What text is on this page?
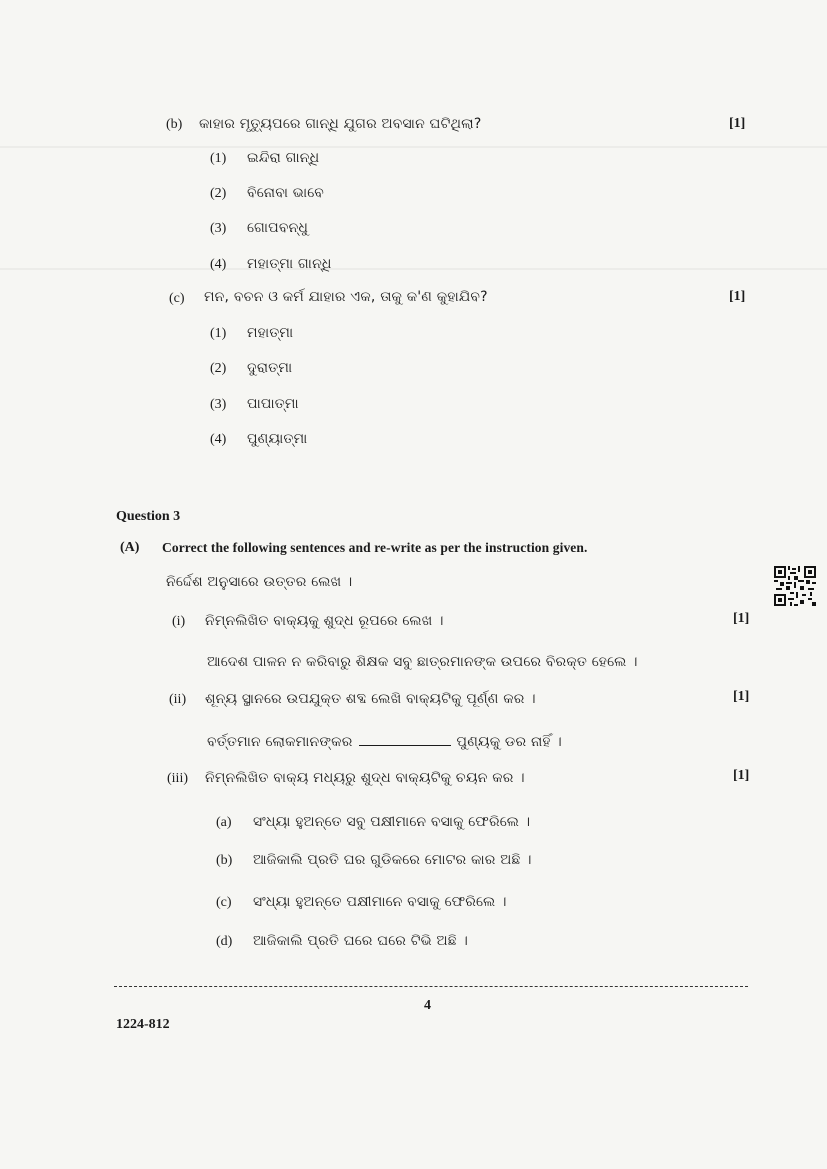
(b) କାହାର ମୃତ୍ୟୁପରେ ଗାନ୍ଧି ଯୁଗର ଅବସାନ ଘଟିଥିଲା?	[1]
(1) ଇନ୍ଦିରା ଗାନ୍ଧି
(2) ବିନୋବା ଭାବେ
(3) ଗୋପବନ୍ଧୁ
(4) ମହାତ୍ମା ଗାନ୍ଧି
(c) ମନ, ବଚନ ଓ କର୍ମ ଯାହାର ଏକ, ତାକୁ କ'ଣ କୁହାଯିବ?	[1]
(1) ମହାତ୍ମା
(2) ଦୁରାତ୍ମା
(3) ପାପାତ୍ମା
(4) ପୁଣ୍ୟାତ୍ମା
Question 3
(A) Correct the following sentences and re-write as per the instruction given.
ନିର୍ଦ୍ଦେଶ ଅନୁସାରେ ଉତ୍ତର ଲେଖ ।
(i) ନିମ୍ନଲିଖିତ ବାକ୍ୟକୁ ଶୁଦ୍ଧ ରୂପରେ ଲେଖ ।	[1]
ଆଦେଶ ପାଳନ ନ କରିବାରୁ ଶିକ୍ଷକ ସବୁ ଛାତ୍ରମାନଙ୍କ ଉପରେ ବିରକ୍ତ ହେଲେ ।
(ii) ଶୂନ୍ୟ ସ୍ଥାନରେ ଉପଯୁକ୍ତ ଶବ୍ଦ ଲେଖି ବାକ୍ୟଟିକୁ ପୂର୍ଣ୍ଣ କର ।	[1]
ବର୍ତ୍ତମାନ ଲୋକମାନଙ୍କର	ପୁଣ୍ୟକୁ ଡର ନାହିଁ ।
(iii) ନିମ୍ନଲିଖିତ ବାକ୍ୟ ମଧ୍ୟରୁ ଶୁଦ୍ଧ ବାକ୍ୟଟିକୁ ଚୟନ କର ।	[1]
(a) ସଂଧ୍ୟା ହୁଅନ୍ତେ ସବୁ ପକ୍ଷୀମାନେ ବସାକୁ ଫେରିଲେ ।
(b) ଆଜିକାଲି ପ୍ରତି ଘର ଗୁଡିକରେ ମୋଟର କାର ଅଛି ।
(c) ସଂଧ୍ୟା ହୁଅନ୍ତେ ପକ୍ଷୀମାନେ ବସାକୁ ଫେରିଲେ ।
(d) ଆଜିକାଲି ପ୍ରତି ଘରେ ଘରେ ଟିଭି ଅଛି ।
4
1224-812
